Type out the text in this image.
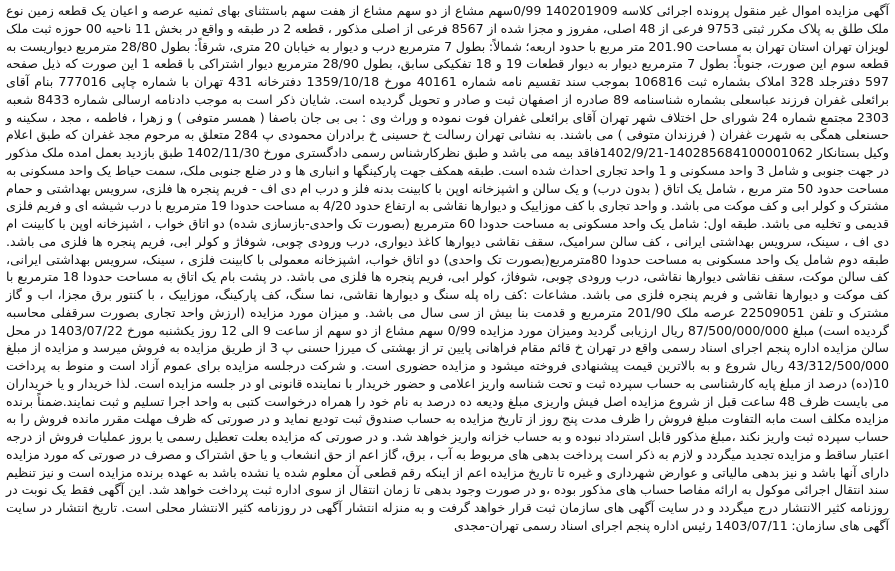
آگهی مزایده اموال غیر منقول پرونده اجرائی کلاسه 140201909 0/99سهم مشاع از دو سهم مشاع از هفت سهم باستثنای بهای ثمنیه عرصه و اعیان یک قطعه زمین نوع ملک طلق به پلاک مکرر ثبتی 9753 فرعی از 48 اصلی، مفروز و مجزا شده از 8567 فرعی از اصلی مذکور ، قطعه 2 در طبقه و واقع در بخش 11 ناحیه 00 حوزه ثبت ملک لویزان تهران استان تهران به مساحت 201.90 متر مربع با حدود اربعه؛ شمالاً: بطول 7 مترمربع درب و دیوار به خیابان 20 متری، شرقاً: بطول 28/80 مترمربع دیواریست به قطعه سوم این صورت، جنوباً: بطول 7 مترمربع دیوار به دیوار قطعات 19 و 18 تفکیکی سابق، بطول 28/90 مترمربع دیوار اشتراکی با قطعه 1 این صورت که ذیل صفحه 597 دفترجلد 328 املاک بشماره ثبت 106816 بموجب سند تقسیم نامه شماره 40161 مورخ 1359/10/18 دفترخانه 431 تهران با شماره چاپی 777016 بنام آقای برائعلی غفران فرزند عباسعلی بشماره شناسنامه 89 صادره از اصفهان ثبت و صادر و تحویل گردیده است. شایان ذکر است به موجب دادنامه ارسالی شماره 8433 شعبه 2303 مجتمع شماره 24 شورای حل اختلاف شهر تهران آقای برائعلی غفران فوت نموده و وراث وی : بی بی جان باصفا ( همسر متوفی ) و زهرا ، فاطمه ، مجد ، سکینه و حسنعلی همگی به شهرت غفران ( فرزندان متوفی ) می باشند. به نشانی تهران رسالت خ حسینی خ برادران محمودی پ 284 متعلق به مرحوم مجد غفران که طبق اعلام وکیل بستانکار 140285684100001062-1402/9/21فاقد بیمه می باشد و طبق نظرکارشناس رسمی دادگستری مورخ 1402/11/30 طبق بازدید بعمل امده ملک مذکور در جهت جنوبی و شامل 3 واحد مسکونی و 1 واحد تجاری احداث شده است. طبقه همکف جهت پارکینگها و انباری ها و در ضلع جنوبی ملک، سمت حیاط یک واحد مسکونی به مساحت حدود 50 متر مربع ، شامل یک اتاق ( بدون درب) و یک سالن و اشپزخانه اوپن با کابینت بدنه فلز و درب ام دی اف - فریم پنجره ها فلزی، سرویس بهداشتی و حمام مشترک و کولر ابی و کف موکت می باشد. و واحد تجاری با کف موزاییک و دیوارها نقاشی به ارتفاع حدود 4/20 به مساحت حدودا 19 مترمربع با درب شیشه ای و فریم فلزی قدیمی و تخلیه می باشد. طبقه اول: شامل یک واحد مسکونی به مساحت حدودا 60 مترمربع (بصورت تک واحدی-بازسازی شده) دو اتاق خواب ، اشپزخانه اوپن با کابینت ام دی اف ، سینک، سرویس بهداشتی ایرانی ، کف سالن سرامیک، سقف نقاشی دیوارها کاغذ دیواری، درب ورودی چوبی، شوفاژ و کولر ابی، فریم پنجره ها فلزی می باشد. طبقه دوم شامل یک واحد مسکونی به مساحت حدودا 80مترمربع(بصورت تک واحدی) دو اتاق خواب، اشپزخانه معمولی با کابینت فلزی ، سینک، سرویس بهداشتی ایرانی، کف سالن موکت، سقف نقاشی دیوارها نقاشی، درب ورودی چوبی، شوفاژ، کولر ابی، فریم پنجره ها فلزی می باشد. در پشت بام یک اتاق به مساحت حدودا 18 مترمربع با کف موکت و دیوارها نقاشی و فریم پنجره فلزی می باشد. مشاعات :کف راه پله سنگ و دیوارها نقاشی، نما سنگ، کف پارکینگ، موزاییک ، با کنتور برق مجزا، اب و گاز مشترک و تلفن 22509051 عرصه ملک 201/90 مترمربع و قدمت بنا بیش از سی سال می باشد. و میزان مورد مزایده (ارزش واحد تجاری بصورت سرقفلی محاسبه گردیده است) مبلغ 87/500/000/000 ریال ارزیابی گردید ومیزان مورد مزایده 0/99 سهم مشاع از دو سهم از ساعت 9 الی 12 روز یکشنبه مورخ 1403/07/22 در محل سالن مزایده اداره پنجم اجرای اسناد رسمی واقع در تهران خ قائم مقام فراهانی پایین تر از بهشتی ک میرزا حسنی پ 3 از طریق مزایده به فروش میرسد و مزایده از مبلغ 43/312/500/000 ریال شروع و به بالاترین قیمت پیشنهادی فروخته میشود و مزایده حضوری است. و شرکت درجلسه مزایده برای عموم آزاد است و منوط به پرداخت 10(ده) درصد از مبلغ پایه کارشناسی به حساب سپرده ثبت و تحت شناسه واریز اعلامی و حضور خریدار با نماینده قانونی او در جلسه مزایده است. لذا خریدار و یا خریداران می بایست ظرف 48 ساعت قبل از شروع مزایده اصل فیش واریزی مبلغ ودیعه ده درصد به نام خود را همراه درخواست کتبی به واحد اجرا تسلیم و ثبت نمایند.ضمناً برنده مزایده مکلف است مابه التفاوت مبلغ فروش را ظرف مدت پنج روز از تاریخ مزایده به حساب صندوق ثبت تودیع نماید و در صورتی که ظرف مهلت مقرر مانده فروش را به حساب سپرده ثبت واریز نکند ،مبلغ مذکور قابل استرداد نبوده و به حساب خزانه واریز خواهد شد. و در صورتی که مزایده بعلت تعطیل رسمی یا بروز عملیات فروش از درجه اعتبار ساقط و مزایده تجدید میگردد و لازم به ذکر است پرداخت بدهی های مربوط به آب ، برق، گاز اعم از حق انشعاب و یا حق اشتراک و مصرف در صورتی که مورد مزایده دارای آنها باشد و نیز بدهی مالیاتی و عوارض شهرداری و غیره تا تاریخ مزایده اعم از اینکه رقم قطعی آن معلوم شده یا نشده باشد به عهده برنده مزایده است و نیز تنظیم سند انتقال اجرائی موکول به ارائه مفاصا حساب های مذکور بوده ،و در صورت وجود بدهی تا زمان انتقال از سوی اداره ثبت پرداخت خواهد شد. این آگهی فقط یک نوبت در روزنامه کثیر الانتشار درج میگردد و در سایت آگهی های سازمان ثبت قرار خواهد گرفت و به منزله انتشار آگهی در روزنامه کثیر الانتشار محلی است. تاریخ انتشار در سایت آگهی های سازمان: 1403/07/11 رئیس اداره پنجم اجرای اسناد رسمی تهران-مجدی
